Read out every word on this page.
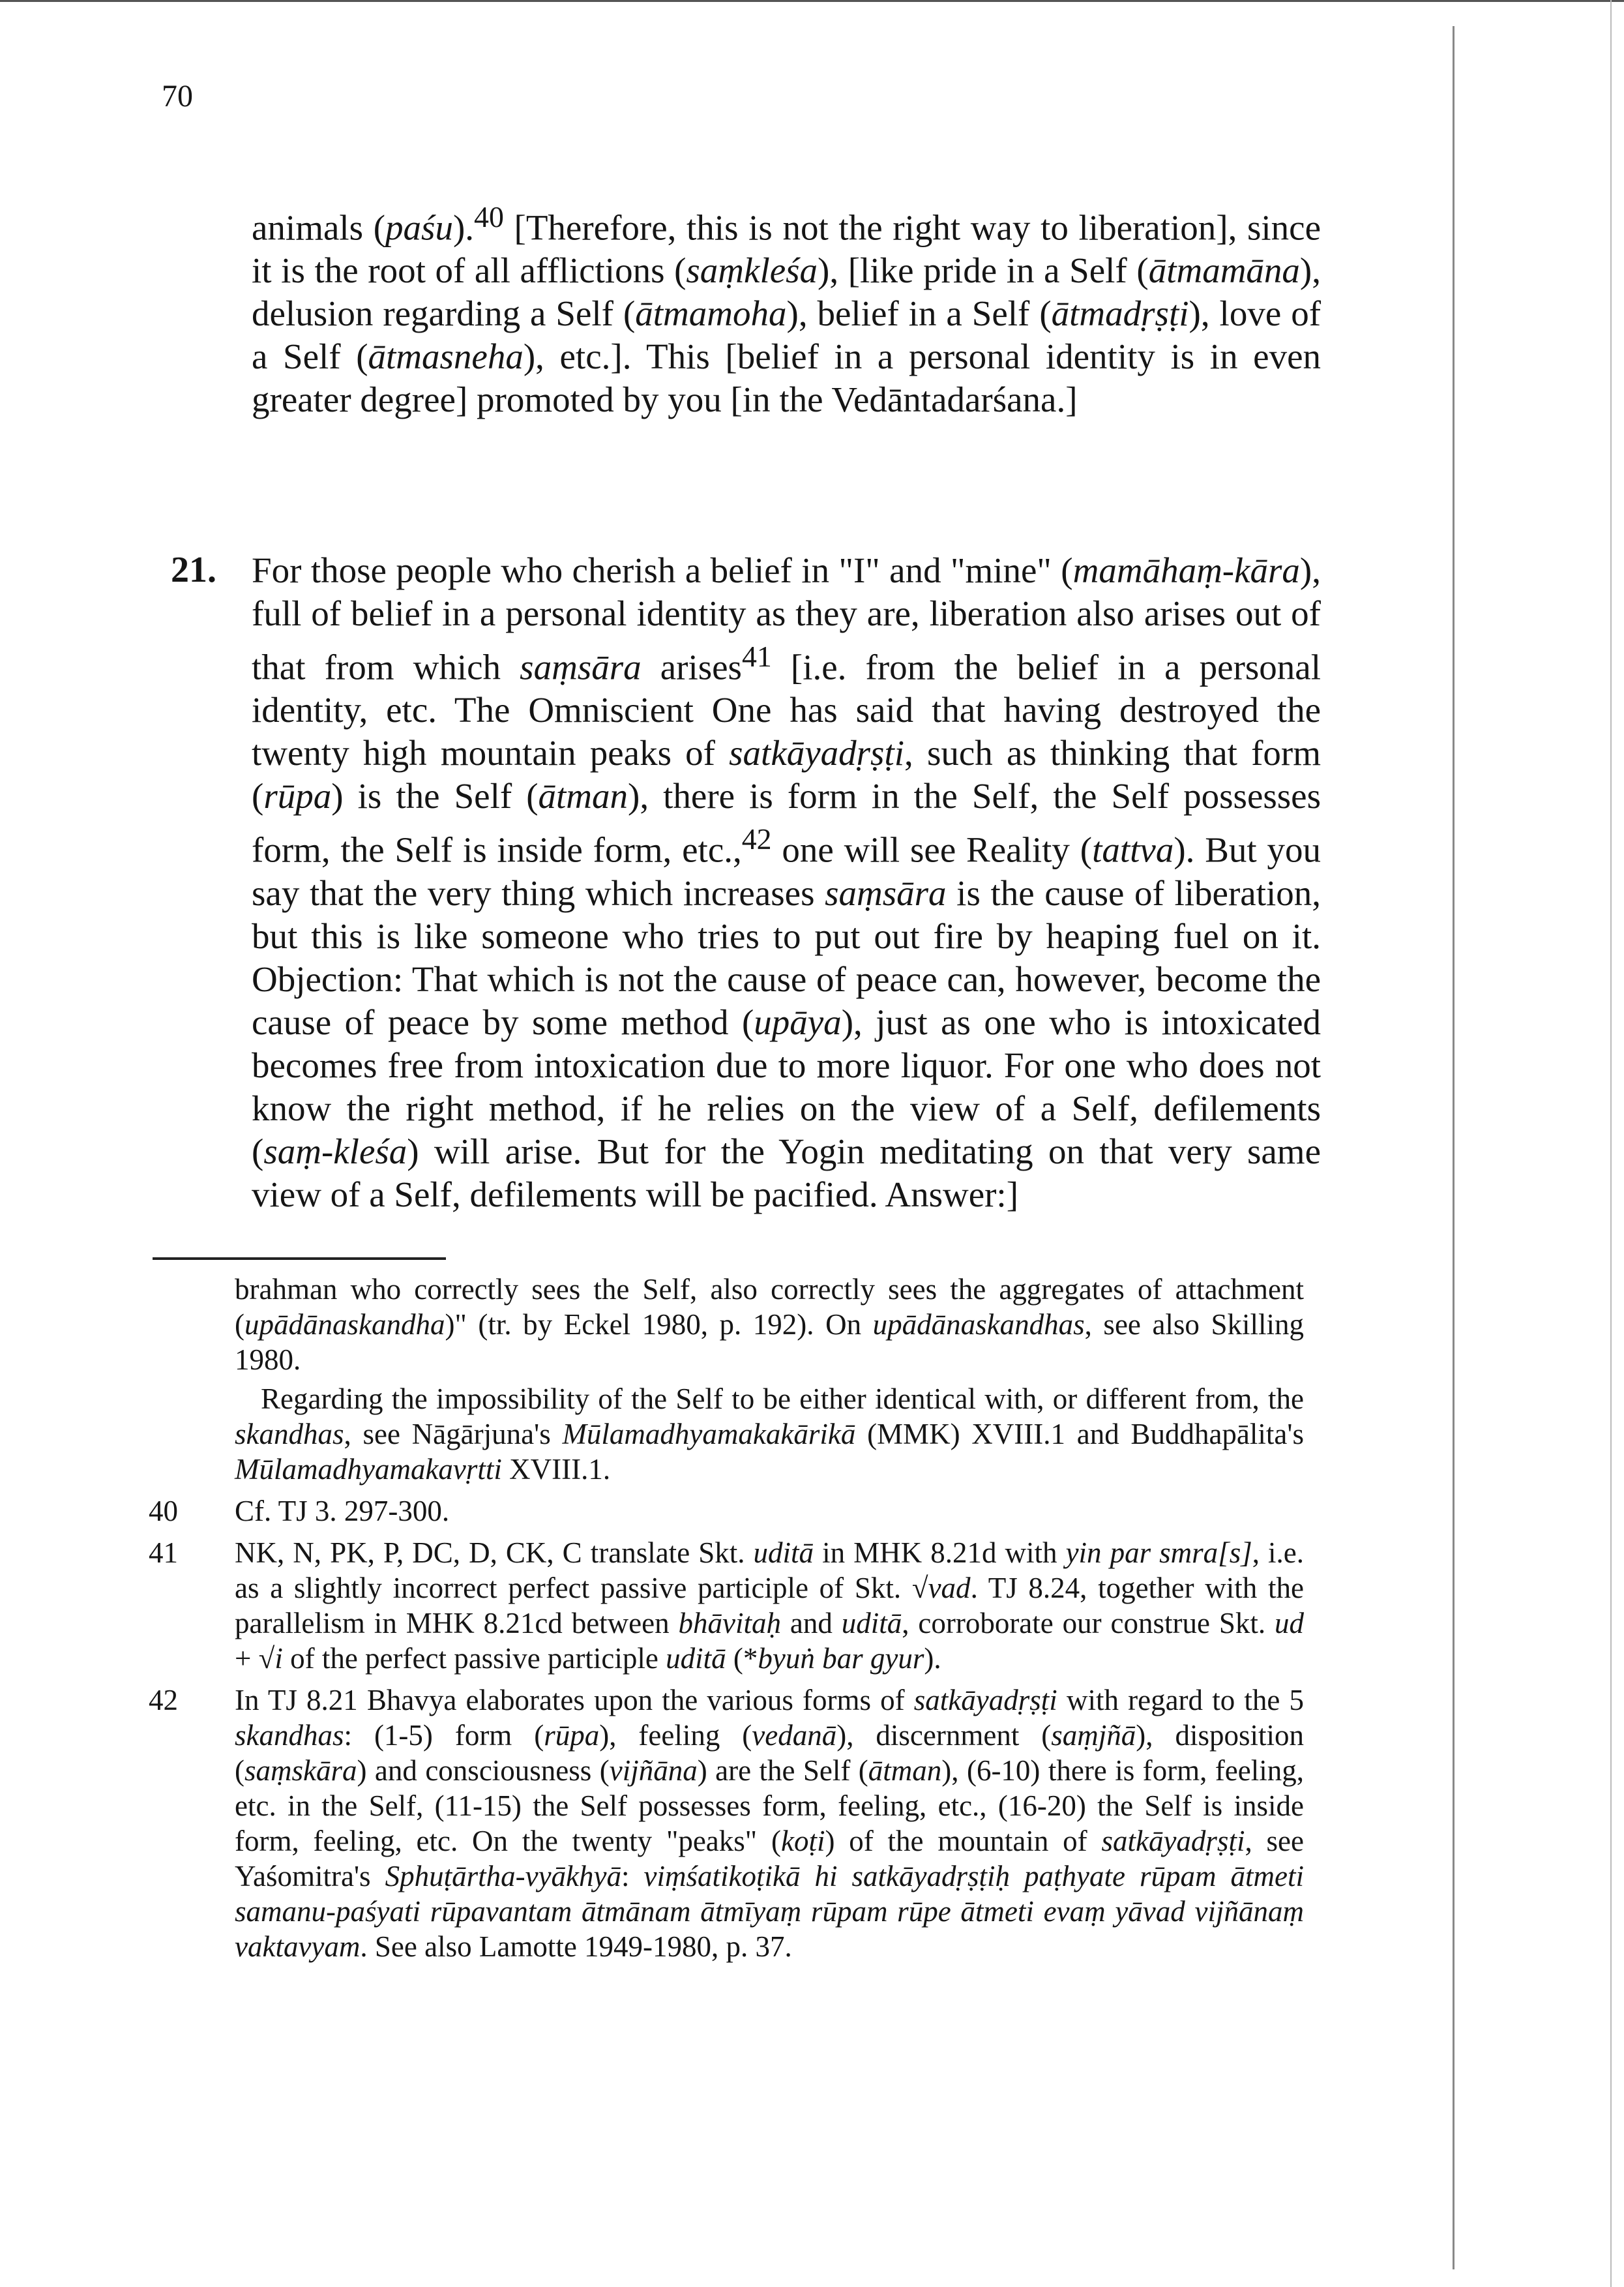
70
animals (paśu).$^{40}$ [Therefore, this is not the right way to liberation], since it is the root of all afflictions (saṃkleśa), [like pride in a Self (ātmamāna), delusion regarding a Self (ātmamoha), belief in a Self (ātmadṛṣṭi), love of a Self (ātmasneha), etc.]. This [belief in a personal identity is in even greater degree] promoted by you [in the Vedāntadarśana.]
21. For those people who cherish a belief in "I" and "mine" (mamāhaṃ-kāra), full of belief in a personal identity as they are, liberation also arises out of that from which saṃsāra arises$^{41}$ [i.e. from the belief in a personal identity, etc. The Omniscient One has said that having destroyed the twenty high mountain peaks of satkāyadṛṣṭi, such as thinking that form (rūpa) is the Self (ātman), there is form in the Self, the Self possesses form, the Self is inside form, etc.,$^{42}$ one will see Reality (tattva). But you say that the very thing which increases saṃsāra is the cause of liberation, but this is like someone who tries to put out fire by heaping fuel on it. Objection: That which is not the cause of peace can, however, become the cause of peace by some method (upāya), just as one who is intoxicated becomes free from intoxication due to more liquor. For one who does not know the right method, if he relies on the view of a Self, defilements (saṃ-kleśa) will arise. But for the Yogin meditating on that very same view of a Self, defilements will be pacified. Answer:]

brahman who correctly sees the Self, also correctly sees the aggregates of attachment (upādānaskandha)" (tr. by Eckel 1980, p. 192). On upādānaskandhas, see also Skilling 1980.

Regarding the impossibility of the Self to be either identical with, or different from, the skandhas, see Nāgārjuna's Mūlamadhyamakakārikā (MMK) XVIII.1 and Buddhapālita's Mūlamadhyamakavṛtti XVIII.1.

40 Cf. TJ 3. 297-300.
41 NK, N, PK, P, DC, D, CK, C translate Skt. uditā in MHK 8.21d with yin par smra[s], i.e. as a slightly incorrect perfect passive participle of Skt. √vad. TJ 8.24, together with the parallelism in MHK 8.21cd between bhāvitaḥ and uditā, corroborate our construe Skt. ud + √i of the perfect passive participle uditā (*byuṅ bar gyur).
42 In TJ 8.21 Bhavya elaborates upon the various forms of satkāyadṛṣṭi with regard to the 5 skandhas: (1-5) form (rūpa), feeling (vedanā), discernment (saṃjñā), disposition (saṃskāra) and consciousness (vijñāna) are the Self (ātman), (6-10) there is form, feeling, etc. in the Self, (11-15) the Self possesses form, feeling, etc., (16-20) the Self is inside form, feeling, etc. On the twenty "peaks" (koṭi) of the mountain of satkāyadṛṣṭi, see Yaśomitra's Sphuṭārtha-vyākhyā: viṃśatikoṭikā hi satkāyadṛṣṭiḥ paṭhyate rūpam ātmeti samanu-paśyati rūpavantam ātmānam ātmīyaṃ rūpam rūpe ātmeti evaṃ yāvad vijñānaṃ vaktavyam. See also Lamotte 1949-1980, p. 37.
